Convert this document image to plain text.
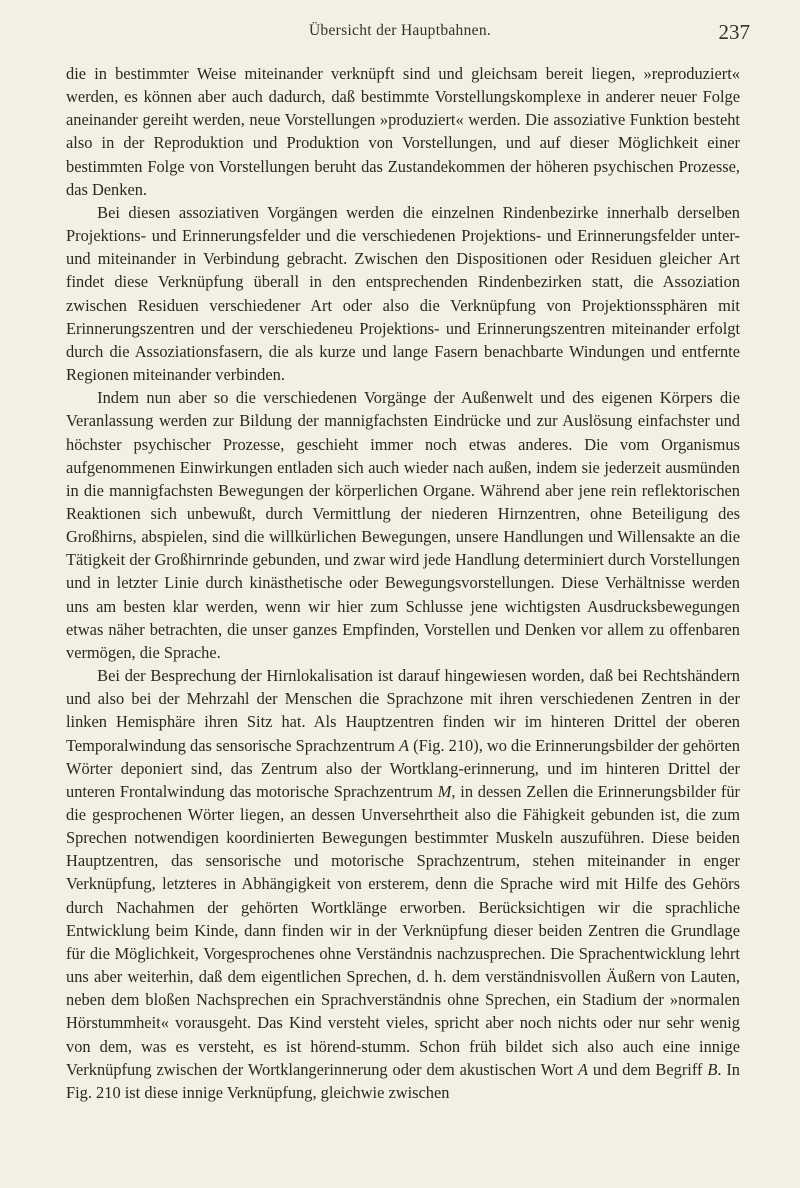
Übersicht der Hauptbahnen.	237

die in bestimmter Weise miteinander verknüpft sind und gleichsam bereit liegen, »reproduziert« werden, es können aber auch dadurch, daß bestimmte Vorstellungskomplexe in anderer neuer Folge aneinander gereiht werden, neue Vorstellungen »produziert« werden. Die assoziative Funktion besteht also in der Reproduktion und Produktion von Vorstellungen, und auf dieser Möglichkeit einer bestimmten Folge von Vorstellungen beruht das Zustandekommen der höheren psychischen Prozesse, das Denken.

Bei diesen assoziativen Vorgängen werden die einzelnen Rindenbezirke innerhalb derselben Projektions- und Erinnerungsfelder und die verschiedenen Projektions- und Erinnerungsfelder unter- und miteinander in Verbindung gebracht. Zwischen den Dispositionen oder Residuen gleicher Art findet diese Verknüpfung überall in den entsprechenden Rindenbezirken statt, die Assoziation zwischen Residuen verschiedener Art oder also die Verknüpfung von Projektionssphären mit Erinnerungszentren und der verschiedeneu Projektions- und Erinnerungszentren miteinander erfolgt durch die Assoziationsfasern, die als kurze und lange Fasern benachbarte Windungen und entfernte Regionen miteinander verbinden.

Indem nun aber so die verschiedenen Vorgänge der Außenwelt und des eigenen Körpers die Veranlassung werden zur Bildung der mannigfachsten Eindrücke und zur Auslösung einfachster und höchster psychischer Prozesse, geschieht immer noch etwas anderes. Die vom Organismus aufgenommenen Einwirkungen entladen sich auch wieder nach außen, indem sie jederzeit ausmünden in die mannigfachsten Bewegungen der körperlichen Organe. Während aber jene rein reflektorischen Reaktionen sich unbewußt, durch Vermittlung der niederen Hirnzentren, ohne Beteiligung des Großhirns, abspielen, sind die willkürlichen Bewegungen, unsere Handlungen und Willensakte an die Tätigkeit der Großhirnrinde gebunden, und zwar wird jede Handlung determiniert durch Vorstellungen und in letzter Linie durch kinästhetische oder Bewegungsvorstellungen. Diese Verhältnisse werden uns am besten klar werden, wenn wir hier zum Schlusse jene wichtigsten Ausdrucksbewegungen etwas näher betrachten, die unser ganzes Empfinden, Vorstellen und Denken vor allem zu offenbaren vermögen, die Sprache.

Bei der Besprechung der Hirnlokalisation ist darauf hingewiesen worden, daß bei Rechtshändern und also bei der Mehrzahl der Menschen die Sprachzone mit ihren verschiedenen Zentren in der linken Hemisphäre ihren Sitz hat. Als Hauptzentren finden wir im hinteren Drittel der oberen Temporalwindung das sensorische Sprachzentrum A (Fig. 210), wo die Erinnerungsbilder der gehörten Wörter deponiert sind, das Zentrum also der Wortklang-erinnerung, und im hinteren Drittel der unteren Frontalwindung das motorische Sprachzentrum M, in dessen Zellen die Erinnerungsbilder für die gesprochenen Wörter liegen, an dessen Unversehrtheit also die Fähigkeit gebunden ist, die zum Sprechen notwendigen koordinierten Bewegungen bestimmter Muskeln auszuführen. Diese beiden Hauptzentren, das sensorische und motorische Sprachzentrum, stehen miteinander in enger Verknüpfung, letzteres in Abhängigkeit von ersterem, denn die Sprache wird mit Hilfe des Gehörs durch Nachahmen der gehörten Wortklänge erworben. Berücksichtigen wir die sprachliche Entwicklung beim Kinde, dann finden wir in der Verknüpfung dieser beiden Zentren die Grundlage für die Möglichkeit, Vorgesprochenes ohne Verständnis nachzusprechen. Die Sprachentwicklung lehrt uns aber weiterhin, daß dem eigentlichen Sprechen, d. h. dem verständnisvollen Äußern von Lauten, neben dem bloßen Nachsprechen ein Sprachverständnis ohne Sprechen, ein Stadium der »normalen Hörstummheit« vorausgeht. Das Kind versteht vieles, spricht aber noch nichts oder nur sehr wenig von dem, was es versteht, es ist hörend-stumm. Schon früh bildet sich also auch eine innige Verknüpfung zwischen der Wortklangerinnerung oder dem akustischen Wort A und dem Begriff B. In Fig. 210 ist diese innige Verknüpfung, gleichwie zwischen
